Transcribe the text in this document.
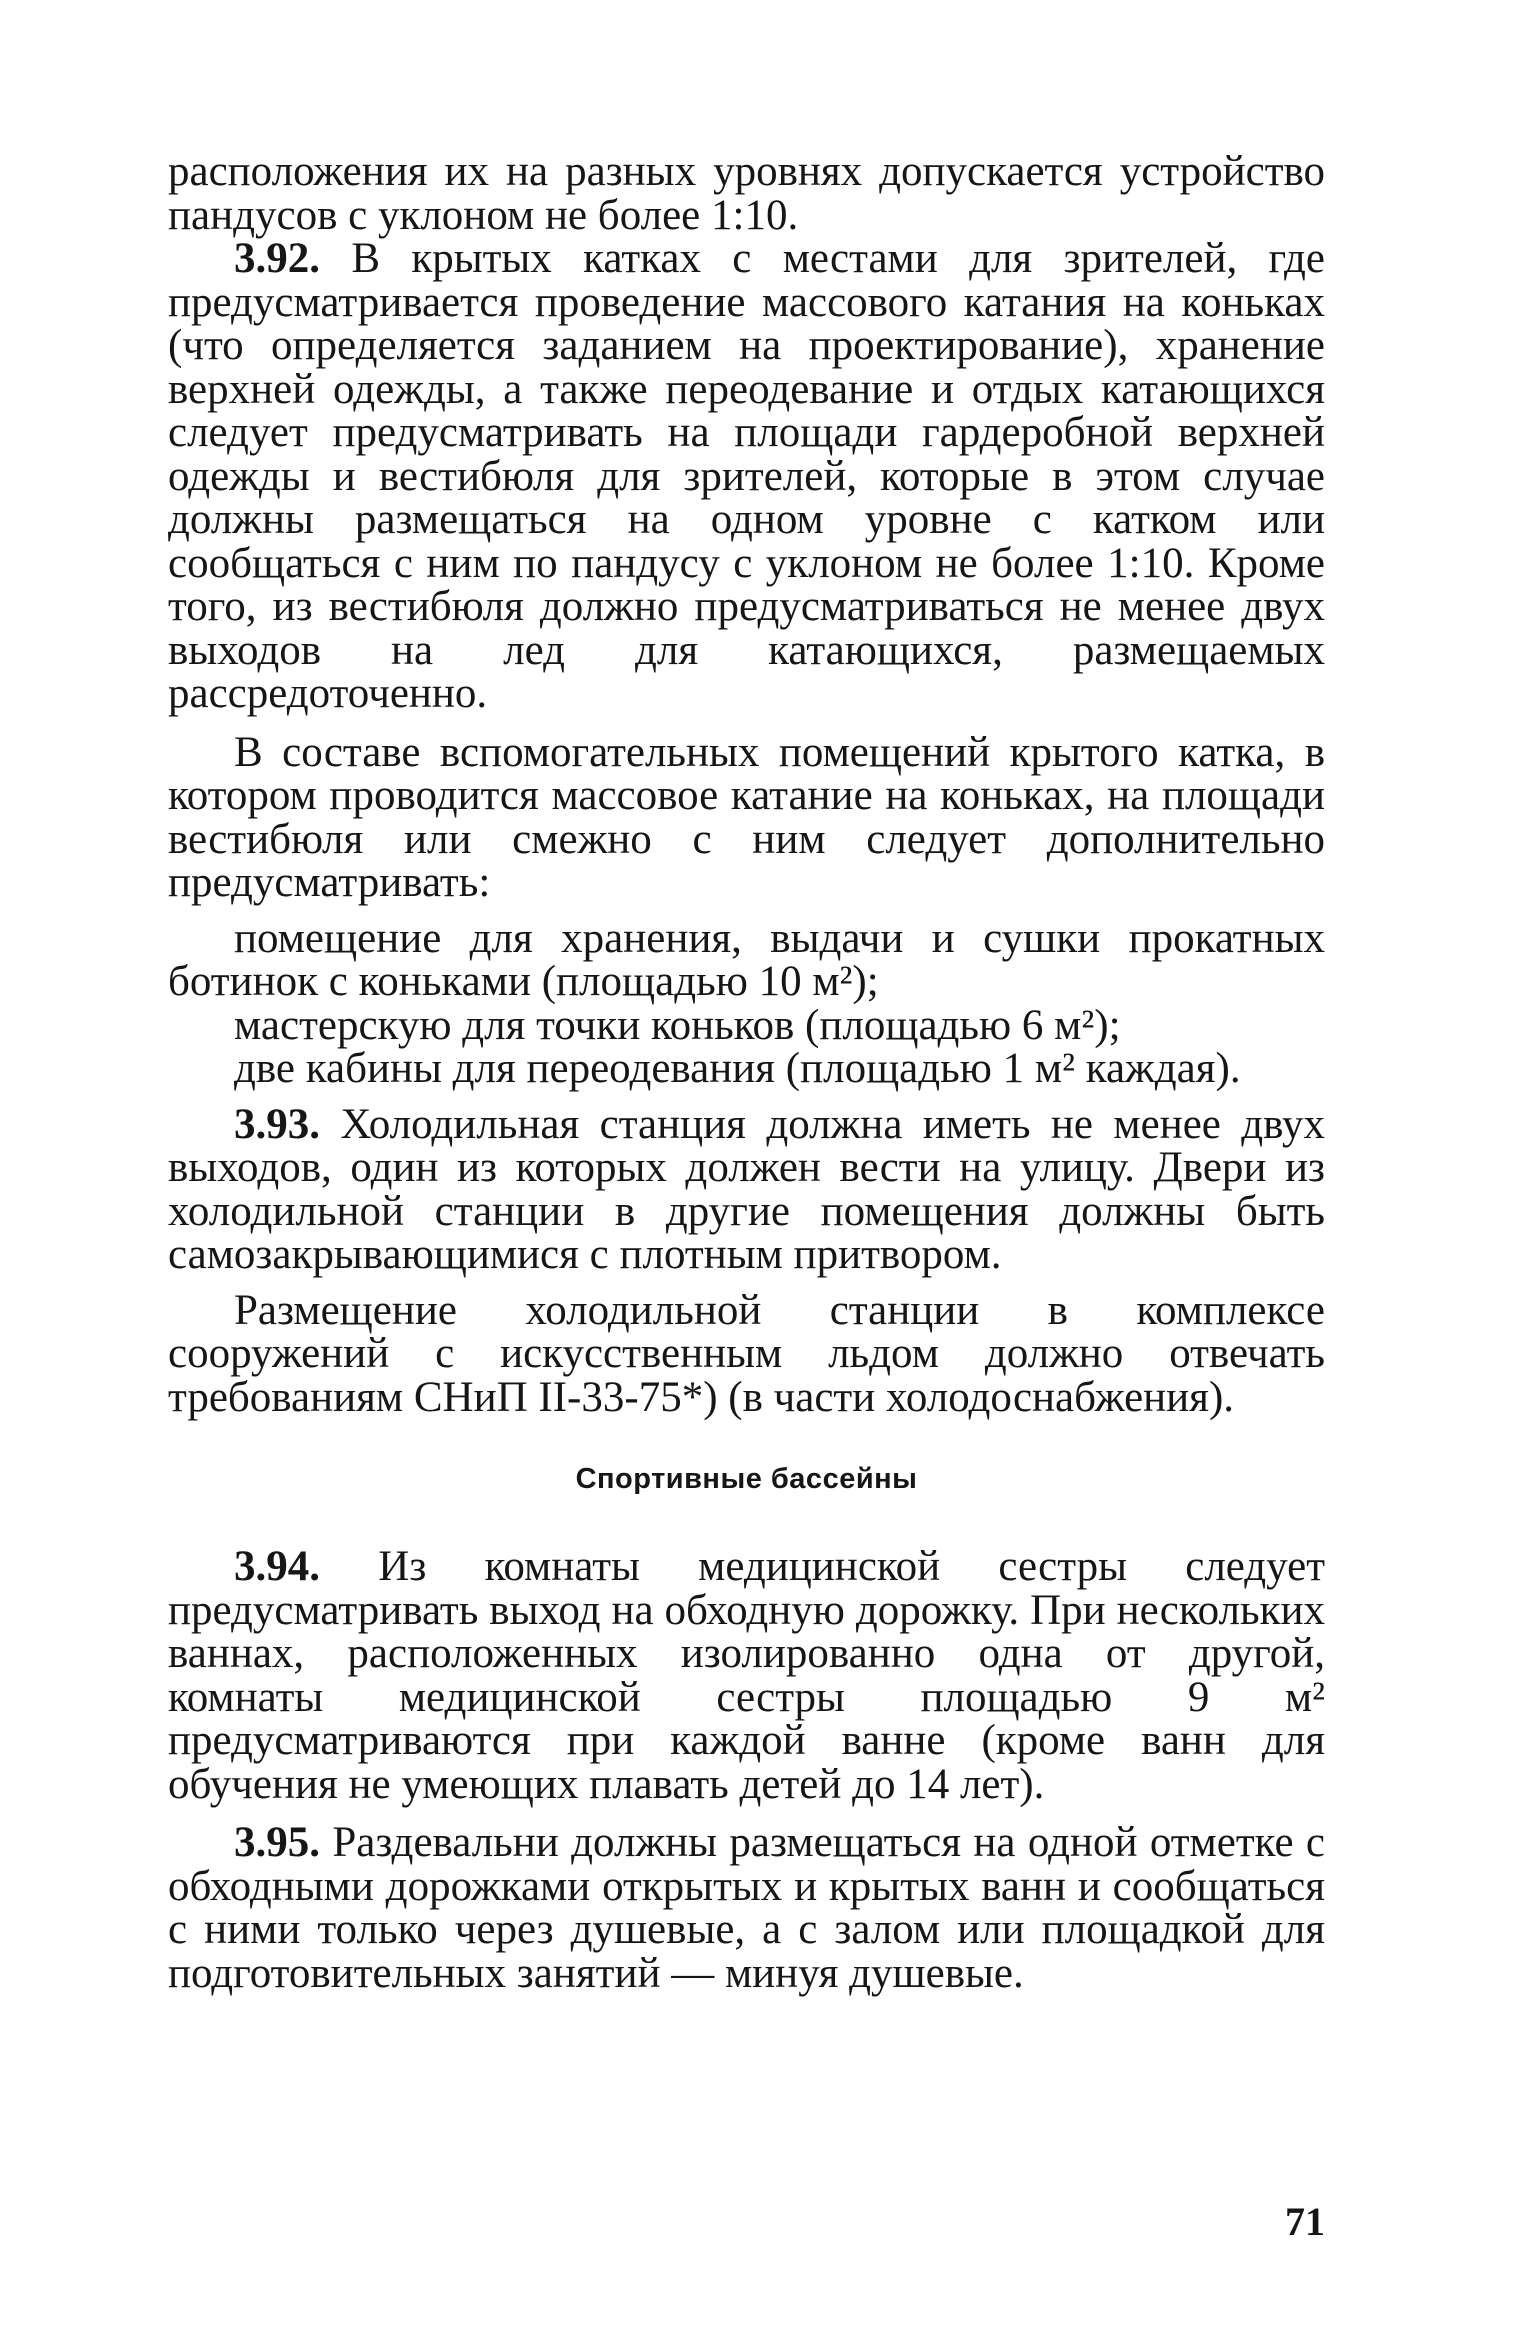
расположения их на разных уровнях допускается устройство пандусов с уклоном не более 1:10.

3.92. В крытых катках с местами для зрителей, где предусматривается проведение массового катания на коньках (что определяется заданием на проектирование), хранение верхней одежды, а также переодевание и отдых катающихся следует предусматривать на площади гардеробной верхней одежды и вестибюля для зрителей, которые в этом случае должны размещаться на одном уровне с катком или сообщаться с ним по пандусу с уклоном не более 1:10. Кроме того, из вестибюля должно предусматриваться не менее двух выходов на лед для катающихся, размещаемых рассредоточенно.

В составе вспомогательных помещений крытого катка, в котором проводится массовое катание на коньках, на площади вестибюля или смежно с ним следует дополнительно предусматривать:

помещение для хранения, выдачи и сушки прокатных ботинок с коньками (площадью 10 м²);

мастерскую для точки коньков (площадью 6 м²);

две кабины для переодевания (площадью 1 м² каждая).

3.93. Холодильная станция должна иметь не менее двух выходов, один из которых должен вести на улицу. Двери из холодильной станции в другие помещения должны быть самозакрывающимися с плотным притвором.

Размещение холодильной станции в комплексе сооружений с искусственным льдом должно отвечать требованиям СНиП II-33-75*) (в части холодоснабжения).

Спортивные бассейны

3.94. Из комнаты медицинской сестры следует предусматривать выход на обходную дорожку. При нескольких ваннах, расположенных изолированно одна от другой, комнаты медицинской сестры площадью 9 м² предусматриваются при каждой ванне (кроме ванн для обучения не умеющих плавать детей до 14 лет).

3.95. Раздевальни должны размещаться на одной отметке с обходными дорожками открытых и крытых ванн и сообщаться с ними только через душевые, а с залом или площадкой для подготовительных занятий — минуя душевые.

71
